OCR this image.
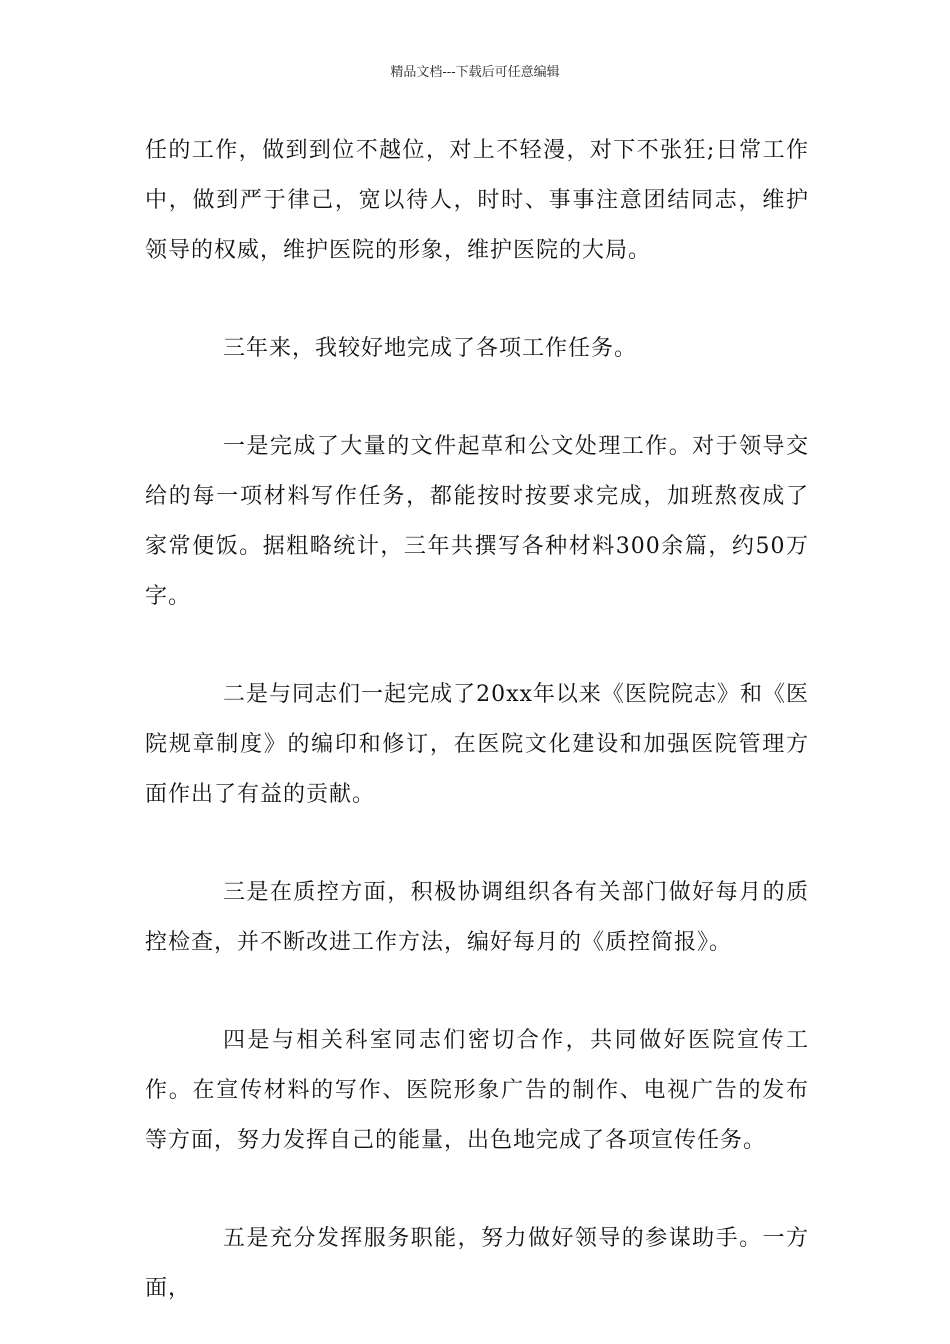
精品文档---下载后可任意编辑

任的工作，做到到位不越位，对上不轻漫，对下不张狂;日常工作中，做到严于律己，宽以待人，时时、事事注意团结同志，维护领导的权威，维护医院的形象，维护医院的大局。

三年来，我较好地完成了各项工作任务。

一是完成了大量的文件起草和公文处理工作。对于领导交给的每一项材料写作任务，都能按时按要求完成，加班熬夜成了家常便饭。据粗略统计，三年共撰写各种材料300余篇，约50万字。

二是与同志们一起完成了20xx年以来《医院院志》和《医院规章制度》的编印和修订，在医院文化建设和加强医院管理方面作出了有益的贡献。

三是在质控方面，积极协调组织各有关部门做好每月的质控检查，并不断改进工作方法，编好每月的《质控简报》。

四是与相关科室同志们密切合作，共同做好医院宣传工作。在宣传材料的写作、医院形象广告的制作、电视广告的发布等方面，努力发挥自己的能量，出色地完成了各项宣传任务。

五是充分发挥服务职能，努力做好领导的参谋助手。一方面，
